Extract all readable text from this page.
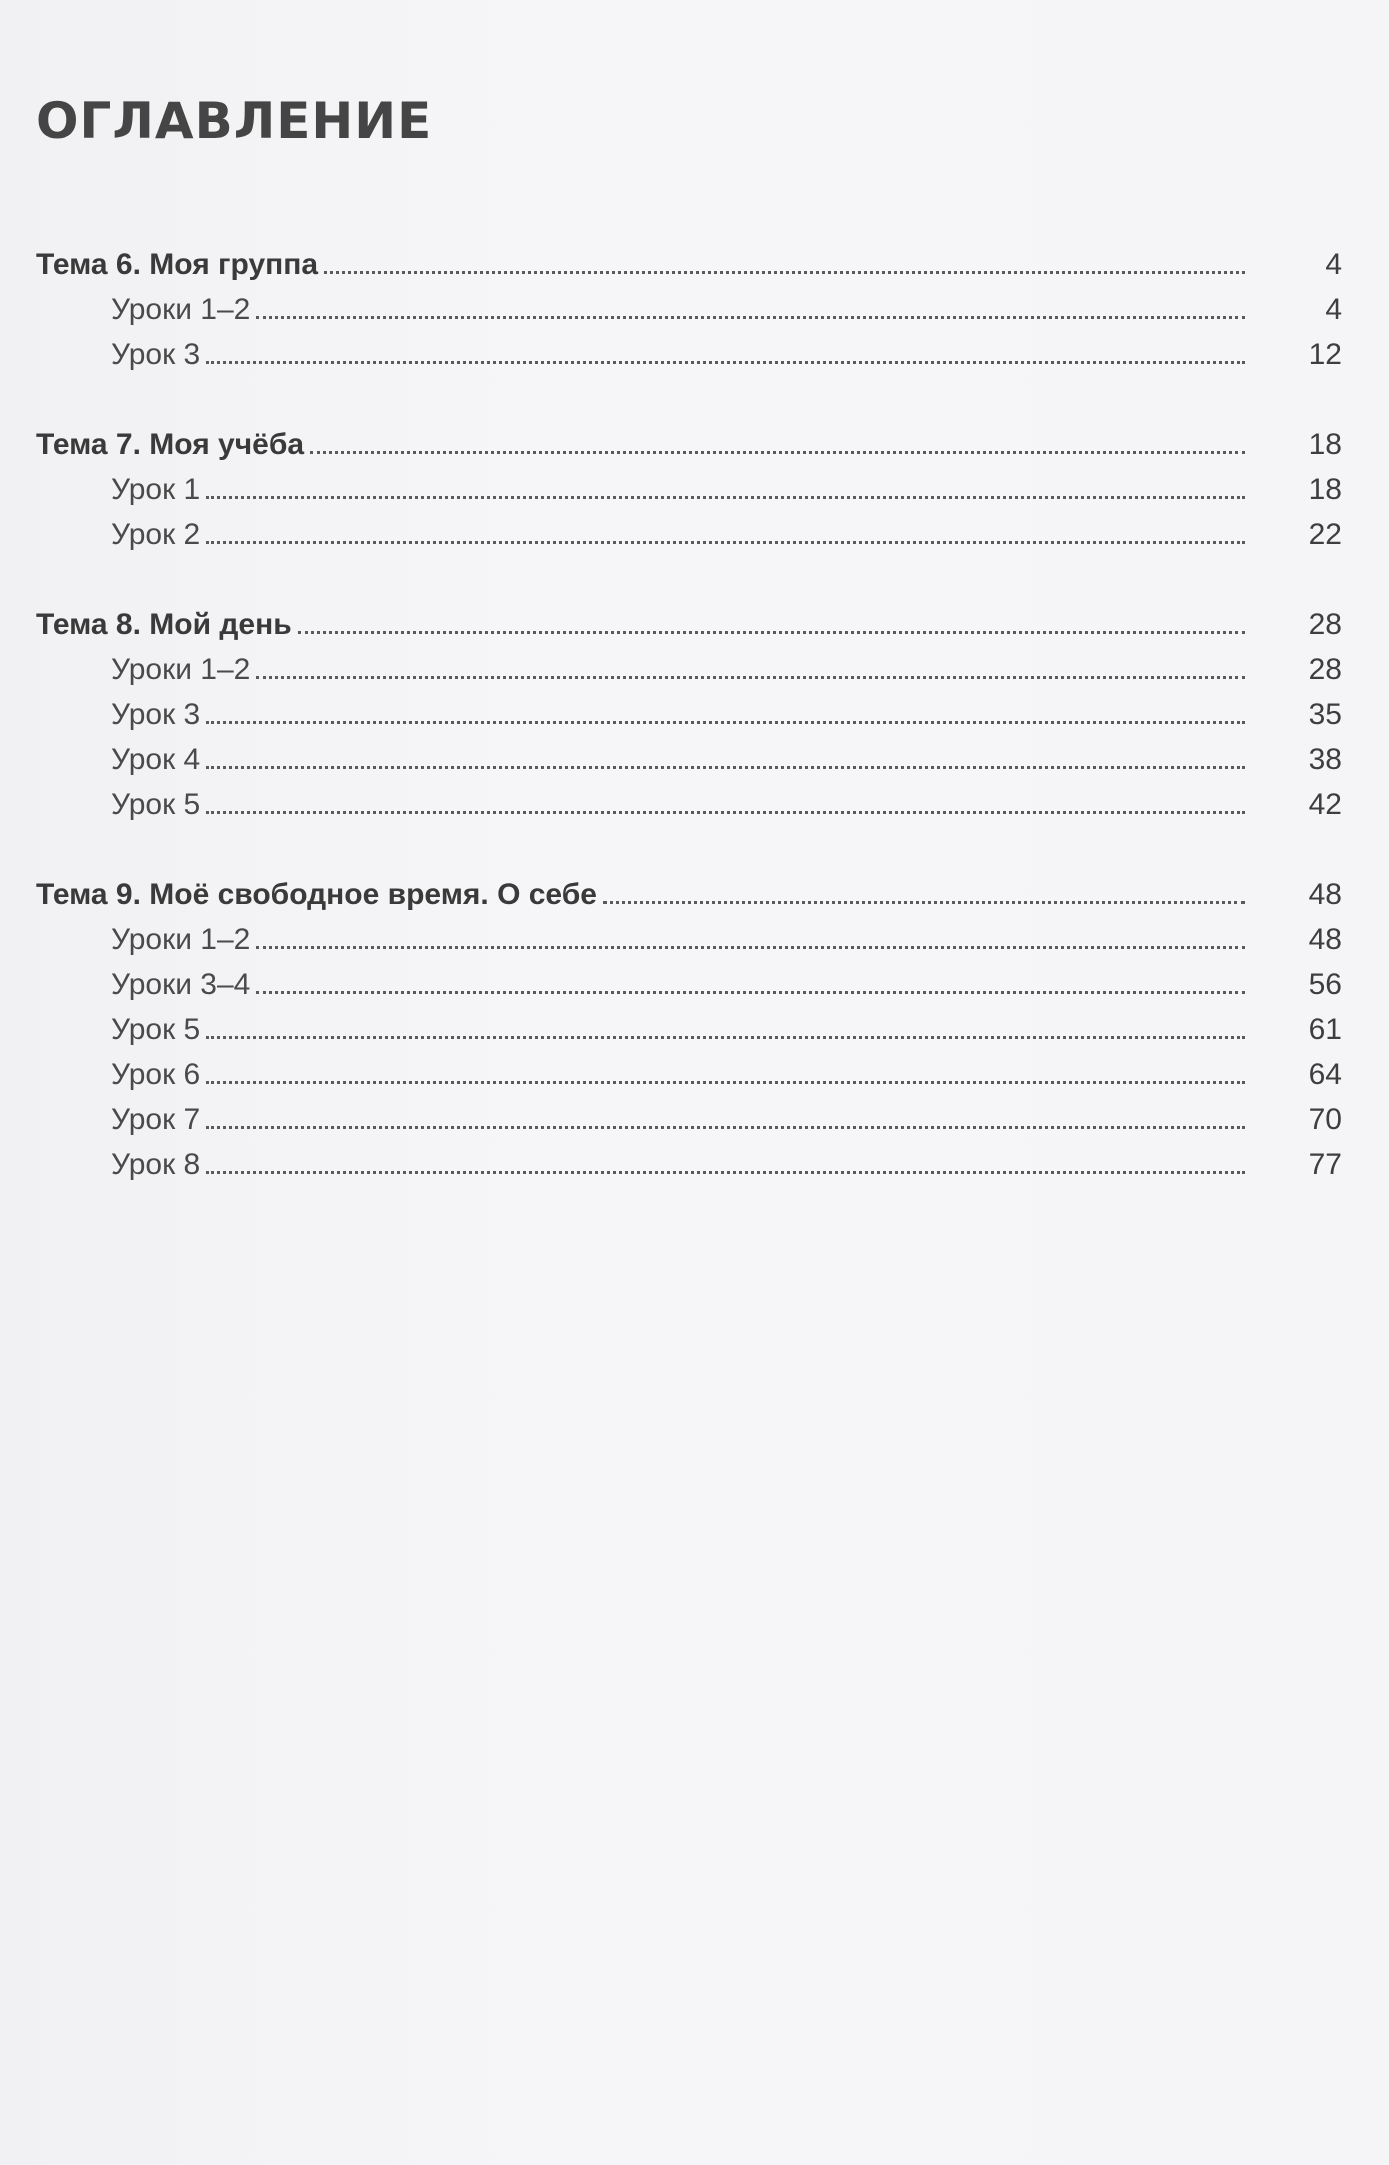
ОГЛАВЛЕНИЕ
Тема 6. Моя группа	4
Уроки 1–2	4
Урок 3	12
Тема 7. Моя учёба	18
Урок 1	18
Урок 2	22
Тема 8. Мой день	28
Уроки 1–2	28
Урок 3	35
Урок 4	38
Урок 5	42
Тема 9. Моё свободное время. О себе	48
Уроки 1–2	48
Уроки 3–4	56
Урок 5	61
Урок 6	64
Урок 7	70
Урок 8	77
